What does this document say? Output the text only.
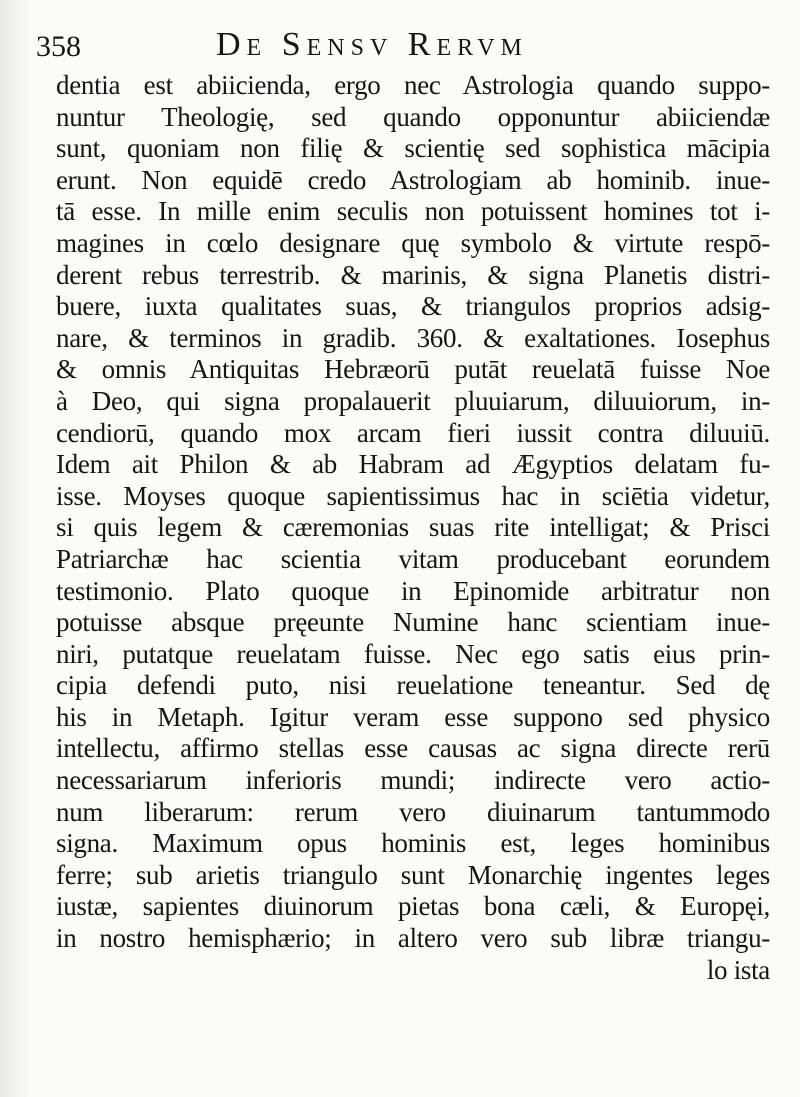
358	De Sensv Rervm
dentia est abiicienda, ergo nec Astrologia quando suppo-
nuntur Theologię, sed quando opponuntur abiiciendæ
sunt, quoniam non filię & scientię sed sophistica mācipia
erunt. Non equidē credo Astrologiam ab hominib. inue-
tā esse. In mille enim seculis non potuissent homines tot i-
magines in cœlo designare quę symbolo & virtute respō-
derent rebus terrestrib. & marinis, & signa Planetis distri-
buere, iuxta qualitates suas, & triangulos proprios adsig-
nare, & terminos in gradib. 360. & exaltationes. Iosephus
& omnis Antiquitas Hebræorū putāt reuelatā fuisse Noe
à Deo, qui signa propalauerit pluuiarum, diluuiorum, in-
cendiorū, quando mox arcam fieri iussit contra diluuiū.
Idem ait Philon & ab Habram ad Ægyptios delatam fu-
isse. Moyses quoque sapientissimus hac in sciētia videtur,
si quis legem & cæremonias suas rite intelligat; & Prisci
Patriarchæ hac scientia vitam producebant eorundem
testimonio. Plato quoque in Epinomide arbitratur non
potuisse absque pręeunte Numine hanc scientiam inue-
niri, putatque reuelatam fuisse. Nec ego satis eius prin-
cipia defendi puto, nisi reuelatione teneantur. Sed dę
his in Metaph. Igitur veram esse suppono sed physico
intellectu, affirmo stellas esse causas ac signa directe rerū
necessariarum inferioris mundi; indirecte vero actio-
num liberarum: rerum vero diuinarum tantummodo
signa. Maximum opus hominis est, leges hominibus
ferre; sub arietis triangulo sunt Monarchię ingentes leges
iustæ, sapientes diuinorum pietas bona cæli, & Europęi,
in nostro hemisphærio; in altero vero sub libræ triangu-
lo ista
